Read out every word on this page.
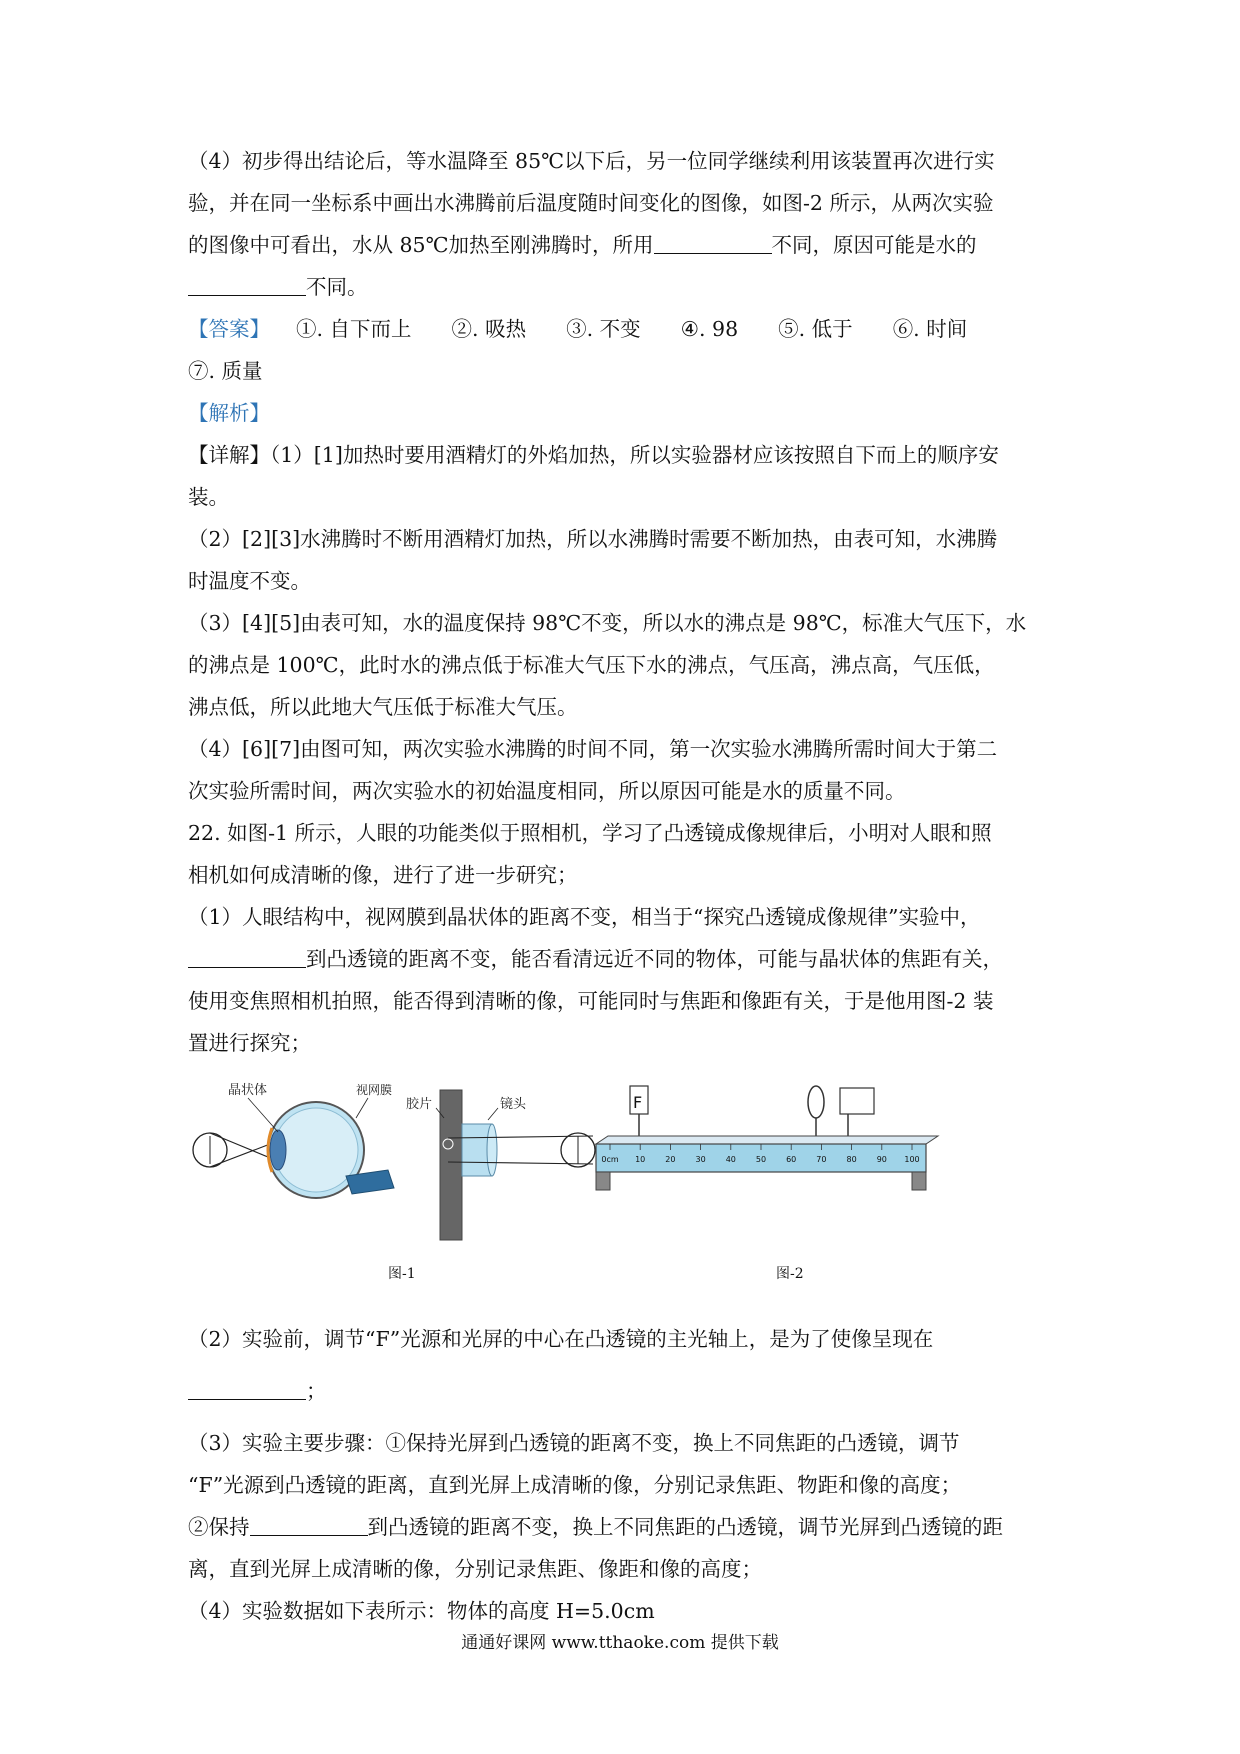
（4）初步得出结论后，等水温降至 85℃以下后，另一位同学继续利用该装置再次进行实

验，并在同一坐标系中画出水沸腾前后温度随时间变化的图像，如图-2 所示，从两次实验

的图像中可看出，水从 85℃加热至刚沸腾时，所用	不同，原因可能是水的

不同。

【答案】	①. 自下而上 ②. 吸热 ③. 不变 ④. 98 ⑤. 低于 ⑥. 时间

⑦. 质量

【解析】

【详解】（1）[1]加热时要用酒精灯的外焰加热，所以实验器材应该按照自下而上的顺序安

装。

（2）[2][3]水沸腾时不断用酒精灯加热，所以水沸腾时需要不断加热，由表可知，水沸腾

时温度不变。

（3）[4][5]由表可知，水的温度保持 98℃不变，所以水的沸点是 98℃，标准大气压下，水

的沸点是 100℃，此时水的沸点低于标准大气压下水的沸点，气压高，沸点高，气压低，

沸点低，所以此地大气压低于标准大气压。

（4）[6][7]由图可知，两次实验水沸腾的时间不同，第一次实验水沸腾所需时间大于第二

次实验所需时间，两次实验水的初始温度相同，所以原因可能是水的质量不同。

22. 如图-1 所示，人眼的功能类似于照相机，学习了凸透镜成像规律后，小明对人眼和照

相机如何成清晰的像，进行了进一步研究；

（1）人眼结构中，视网膜到晶状体的距离不变，相当于“探究凸透镜成像规律”实验中，

到凸透镜的距离不变，能否看清远近不同的物体，可能与晶状体的焦距有关，

使用变焦照相机拍照，能否得到清晰的像，可能同时与焦距和像距有关，于是他用图-2 装

置进行探究；

晶状体	视网膜
胶片	镜头
图-1
F
0cm 10	20	30	40	50	60	70	80	90 100
图-2

（2）实验前，调节“F”光源和光屏的中心在凸透镜的主光轴上，是为了使像呈现在

；

（3）实验主要步骤：①保持光屏到凸透镜的距离不变，换上不同焦距的凸透镜，调节

“F”光源到凸透镜的距离，直到光屏上成清晰的像，分别记录焦距、物距和像的高度；

②保持	到凸透镜的距离不变，换上不同焦距的凸透镜，调节光屏到凸透镜的距

离，直到光屏上成清晰的像，分别记录焦距、像距和像的高度；

（4）实验数据如下表所示：物体的高度 H=5.0cm

通通好课网 www.tthaoke.com 提供下载
